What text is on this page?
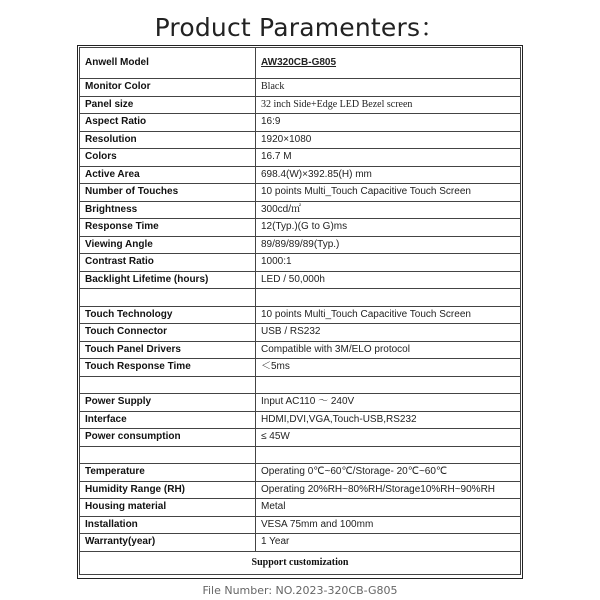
Product Paramenters：
Anwell Model	AW320CB-G805
Monitor Color	Black
Panel size	32 inch Side+Edge LED Bezel screen
Aspect Ratio	16:9
Resolution	1920×1080
Colors	16.7 M
Active Area	698.4(W)×392.85(H) mm
Number of Touches	10 points Multi_Touch Capacitive Touch Screen
Brightness	300cd/㎡
Response Time	12(Typ.)(G to G)ms
Viewing Angle	89/89/89/89(Typ.)
Contrast Ratio	1000:1
Backlight Lifetime (hours)	LED / 50,000h

Touch Technology	10 points Multi_Touch Capacitive Touch Screen
Touch Connector	USB / RS232
Touch Panel Drivers	Compatible with 3M/ELO protocol
Touch Response Time	＜5ms

Power Supply	Input AC110 ～ 240V
Interface	HDMI,DVI,VGA,Touch-USB,RS232
Power consumption	≤ 45W

Temperature	Operating 0℃~60℃/Storage- 20℃~60℃
Humidity Range (RH)	Operating 20%RH~80%RH/Storage10%RH~90%RH
Housing material	Metal
Installation	VESA 75mm and 100mm
Warranty(year)	1 Year
Support customization	
File Number: NO.2023-320CB-G805
